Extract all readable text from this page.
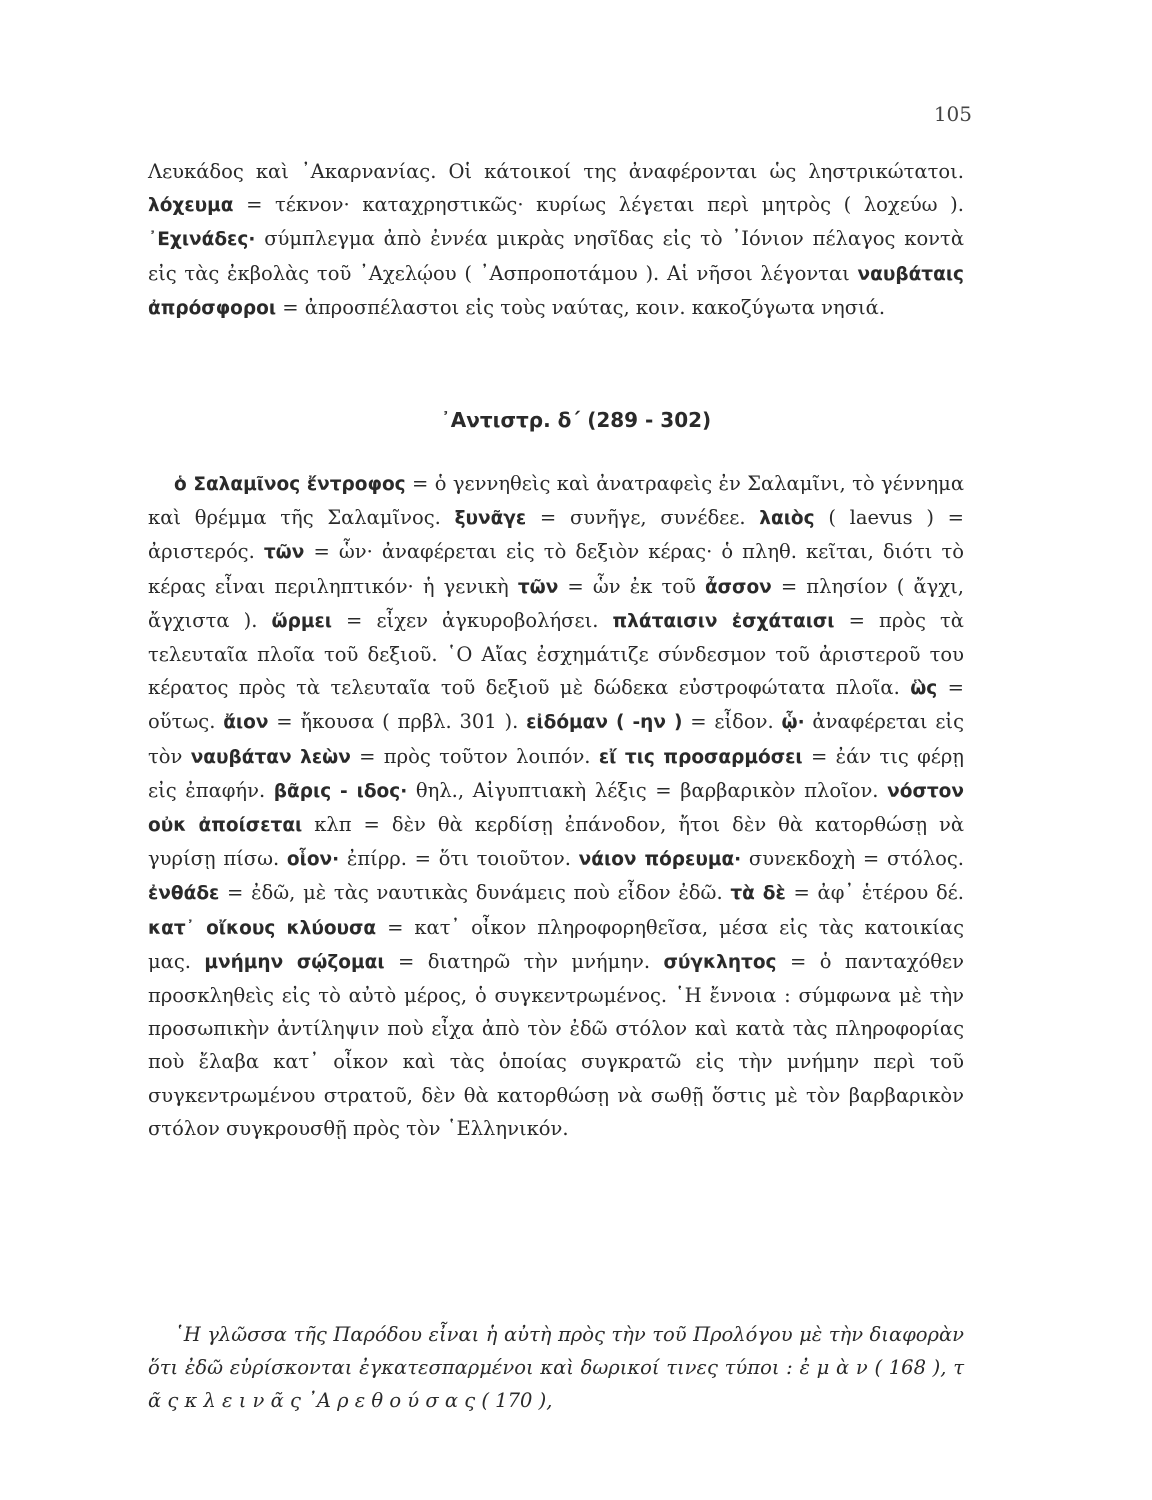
105

Λευκάδος καὶ ᾿Ακαρνανίας. Οἱ κάτοικοί της ἀναφέρονται ὡς ληστρικώτατοι. λόχευμα = τέκνον· καταχρηστικῶς· κυρίως λέγεται περὶ μητρὸς ( λοχεύω ). ᾿Εχινάδες· σύμπλεγμα ἀπὸ ἐννέα μικρὰς νησῖδας εἰς τὸ ᾿Ιόνιον πέλαγος κοντὰ εἰς τὰς ἐκβολὰς τοῦ ᾿Αχελῴου ( ᾿Ασπροποτάμου ). Αἱ νῆσοι λέγονται ναυβάταις ἀπρόσφοροι = ἀπροσπέλαστοι εἰς τοὺς ναύτας, κοιν. κακοζύγωτα νησιά.

᾿Αντιστρ. δ΄ (289 - 302)

ὁ Σαλαμῖνος ἔντροφος = ὁ γεννηθεὶς καὶ ἀνατραφεὶς ἐν Σαλαμῖνι, τὸ γέννημα καὶ θρέμμα τῆς Σαλαμῖνος. ξυνᾶγε = συνῆγε, συνέδεε. λαιὸς ( laevus ) = ἀριστερός. τῶν = ὧν· ἀναφέρεται εἰς τὸ δεξιὸν κέρας· ὁ πληθ. κεῖται, διότι τὸ κέρας εἶναι περιληπτικόν· ἡ γενικὴ τῶν = ὧν ἐκ τοῦ ἆσσον = πλησίον ( ἄγχι, ἄγχιστα ). ὥρμει = εἶχεν ἀγκυροβολήσει. πλάταισιν ἐσχάταισι = πρὸς τὰ τελευταῖα πλοῖα τοῦ δεξιοῦ. ῾Ο Αἴας ἐσχημάτιζε σύνδεσμον τοῦ ἀριστεροῦ του κέρατος πρὸς τὰ τελευταῖα τοῦ δεξιοῦ μὲ δώδεκα εὐστροφώτατα πλοῖα. ὣς = οὕτως. ἄιον = ἤκουσα ( πρβλ. 301 ). εἰδόμαν ( -ην ) = εἶδον. ᾧ· ἀναφέρεται εἰς τὸν ναυβάταν λεὼν = πρὸς τοῦτον λοιπόν. εἴ τις προσαρμόσει = ἐάν τις φέρῃ εἰς ἐπαφήν. βᾶρις - ιδος· θηλ., Αἰγυπτιακὴ λέξις = βαρβαρικὸν πλοῖον. νόστον οὐκ ἀποίσεται κλπ = δὲν θὰ κερδίσῃ ἐπάνοδον, ἤτοι δὲν θὰ κατορθώσῃ νὰ γυρίσῃ πίσω. οἷον· ἐπίρρ. = ὅτι τοιοῦτον. νάιον πόρευμα· συνεκδοχὴ = στόλος. ἐνθάδε = ἐδῶ, μὲ τὰς ναυτικὰς δυνάμεις ποὺ εἶδον ἐδῶ. τὰ δὲ = ἀφ᾿ ἑτέρου δέ. κατ᾿ οἴκους κλύουσα = κατ᾿ οἶκον πληροφορηθεῖσα, μέσα εἰς τὰς κατοικίας μας. μνήμην σῴζομαι = διατηρῶ τὴν μνήμην. σύγκλητος = ὁ πανταχόθεν προσκληθεὶς εἰς τὸ αὐτὸ μέρος, ὁ συγκεντρωμένος. ῾Η ἔννοια : σύμφωνα μὲ τὴν προσωπικὴν ἀντίληψιν ποὺ εἶχα ἀπὸ τὸν ἐδῶ στόλον καὶ κατὰ τὰς πληροφορίας ποὺ ἔλαβα κατ᾿ οἶκον καὶ τὰς ὁποίας συγκρατῶ εἰς τὴν μνήμην περὶ τοῦ συγκεντρωμένου στρατοῦ, δὲν θὰ κατορθώσῃ νὰ σωθῇ ὅστις μὲ τὸν βαρβαρικὸν στόλον συγκρουσθῇ πρὸς τὸν ῾Ελληνικόν.

῾Η γλῶσσα τῆς Παρόδου εἶναι ἡ αὐτὴ πρὸς τὴν τοῦ Προλόγου μὲ τὴν διαφορὰν ὅτι ἐδῶ εὑρίσκονται ἐγκατεσπαρμένοι καὶ δωρικοί τινες τύποι : ἐ μ ὰ ν ( 168 ), τ ᾶ ς κ λ ε ι ν ᾶ ς ᾿Α ρ ε θ ο ύ σ α ς ( 170 ),
